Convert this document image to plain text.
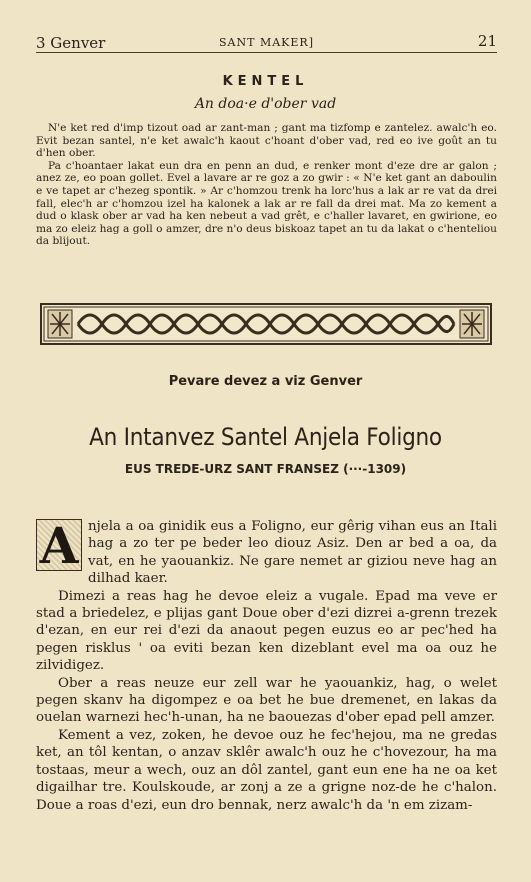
3 Genver	SANT MAKER]	21
KENTEL
An doa·e d'ober vad

N'e ket red d'imp tizout oad ar zant-man ; gant ma tizfomp e zantelez. awalc'h eo. Evit bezan santel, n'e ket awalc'h kaout c'hoant d'ober vad, red eo ive goût an tu d'hen ober.

Pa c'hoantaer lakat eun dra en penn an dud, e renker mont d'eze dre ar galon ; anez ze, eo poan gollet. Evel a lavare ar re goz a zo gwir : « N'e ket gant an daboulin e ve tapet ar c'hezeg spontik. » Ar c'homzou trenk ha lorc'hus a lak ar re vat da drei fall, elec'h ar c'homzou izel ha kalonek a lak ar re fall da drei mat. Ma zo kement a dud o klask ober ar vad ha ken nebeut a vad grêt, e c'haller lavaret, en gwirione, eo ma zo eleiz hag a goll o amzer, dre n'o deus biskoaz tapet an tu da lakat o c'henteliou da blijout.

Pevare devez a viz Genver
An Intanvez Santel Anjela Foligno
EUS TREDE-URZ SANT FRANSEZ (···-1309)

A njela a oa ginidik eus a Foligno, eur gêrig vihan eus an Itali hag a zo ter pe beder leo diouz Asiz. Den ar bed a oa, da vat, en he yaouankiz. Ne gare nemet ar giziou neve hag an dilhad kaer.

Dimezi a reas hag he devoe eleiz a vugale. Epad ma veve er stad a briedelez, e plijas gant Doue ober d'ezi dizrei a-grenn trezek d'ezan, en eur rei d'ezi da anaout pegen euzus eo ar pec'hed ha pegen risklus ' oa eviti bezan ken dizeblant evel ma oa ouz he zilvidigez.

Ober a reas neuze eur zell war he yaouankiz, hag, o welet pegen skanv ha digompez e oa bet he bue dremenet, en lakas da ouelan warnezi hec'h-unan, ha ne baouezas d'ober epad pell amzer.

Kement a vez, zoken, he devoe ouz he fec'hejou, ma ne gredas ket, an tôl kentan, o anzav sklêr awalc'h ouz he c'hovezour, ha ma tostaas, meur a wech, ouz an dôl zantel, gant eun ene ha ne oa ket digailhar tre. Koulskoude, ar zonj a ze a grigne noz-de he c'halon. Doue a roas d'ezi, eun dro bennak, nerz awalc'h da 'n em zizam-
